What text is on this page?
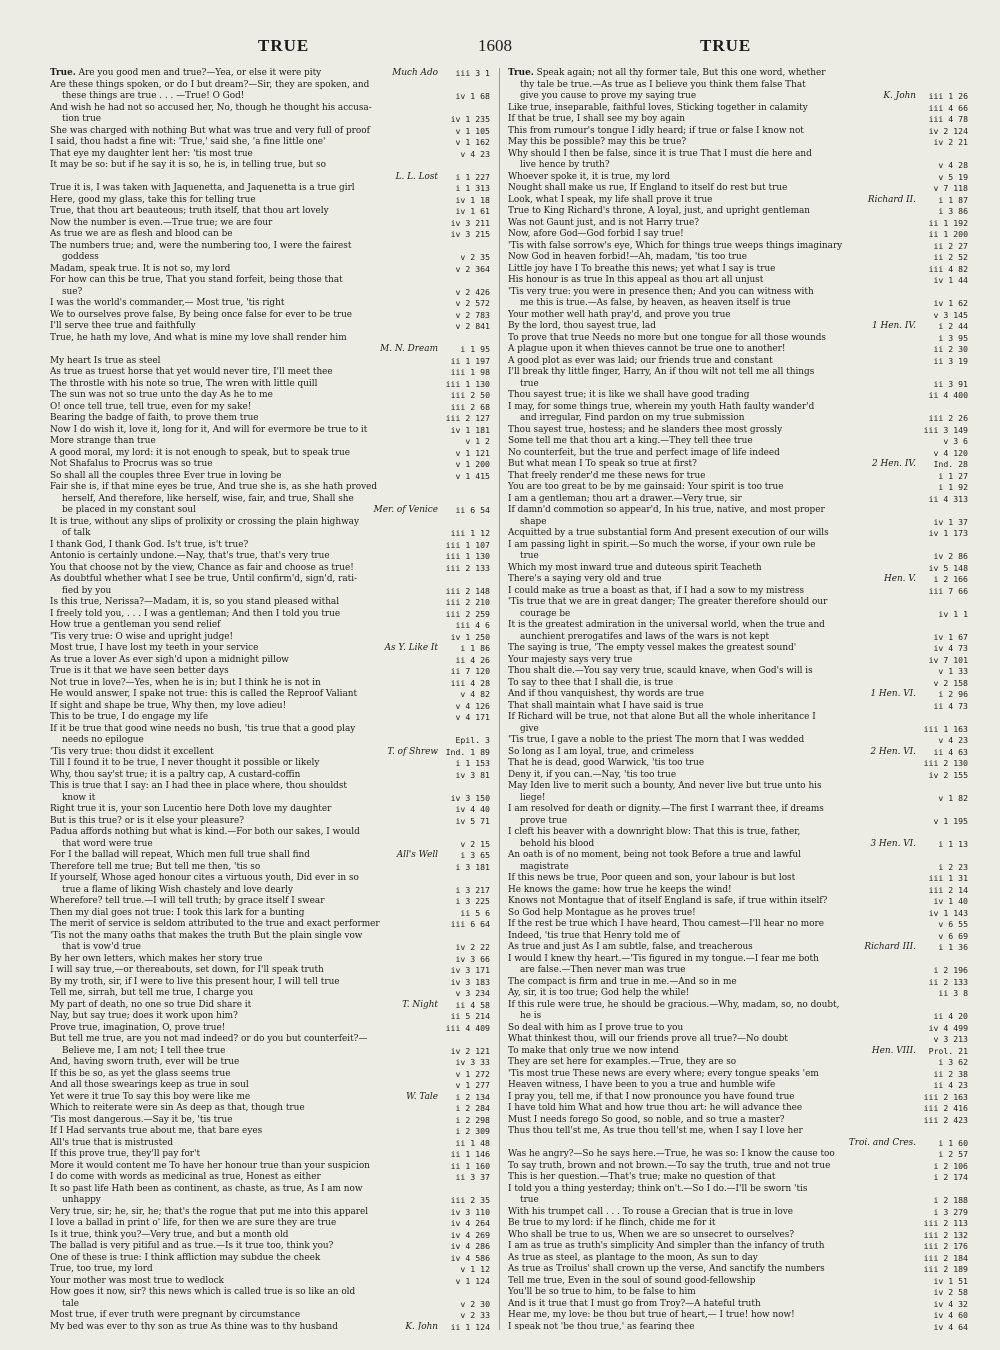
TRUE	1608	TRUE
True. Are you good men and true?—Yea, or else it were pity	Much Ado	iii 3 1
Are these things spoken, or do I but dream?—Sir, they are spoken, and
these things are true . . . —True! O God!	iv 1 68
And wish he had not so accused her, No, though he thought his accusa-
tion true	iv 1 235
She was charged with nothing But what was true and very full of proof	v 1 105
I said, thou hadst a fine wit: 'True,' said she, 'a fine little one'	v 1 162
That eye my daughter lent her: 'tis most true	v 4 23
It may be so: but if he say it is so, he is, in telling true, but so
L. L. Lost	i 1 227
True it is, I was taken with Jaquenetta, and Jaquenetta is a true girl	i 1 313
Here, good my glass, take this for telling true	iv 1 18
True, that thou art beauteous; truth itself, that thou art lovely	iv 1 61
Now the number is even.—True true; we are four	iv 3 211
As true we are as flesh and blood can be	iv 3 215
The numbers true; and, were the numbering too, I were the fairest
goddess	v 2 35
Madam, speak true. It is not so, my lord	v 2 364
For how can this be true, That you stand forfeit, being those that
sue?	v 2 426
I was the world's commander,— Most true, 'tis right	v 2 572
We to ourselves prove false, By being once false for ever to be true	v 2 783
I'll serve thee true and faithfully	v 2 841
True, he hath my love, And what is mine my love shall render him
M. N. Dream	i 1 95
My heart Is true as steel	ii 1 197
As true as truest horse that yet would never tire, I'll meet thee	iii 1 98
The throstle with his note so true, The wren with little quill	iii 1 130
The sun was not so true unto the day As he to me	iii 2 50
O! once tell true, tell true, even for my sake!	iii 2 68
Bearing the badge of faith, to prove them true	iii 2 127
Now I do wish it, love it, long for it, And will for evermore be true to it	iv 1 181
More strange than true	v 1 2
A good moral, my lord: it is not enough to speak, but to speak true	v 1 121
Not Shafalus to Procrus was so true	v 1 200
So shall all the couples three Ever true in loving be	v 1 415
Fair she is, if that mine eyes be true, And true she is, as she hath proved
herself, And therefore, like herself, wise, fair, and true, Shall she
be placed in my constant soul	Mer. of Venice	ii 6 54
It is true, without any slips of prolixity or crossing the plain highway
of talk	iii 1 12
I thank God, I thank God. Is't true, is't true?	iii 1 107
Antonio is certainly undone.—Nay, that's true, that's very true	iii 1 130
You that choose not by the view, Chance as fair and choose as true!	iii 2 133
As doubtful whether what I see be true, Until confirm'd, sign'd, rati-
fied by you	iii 2 148
Is this true, Nerissa?—Madam, it is, so you stand pleased withal	iii 2 210
I freely told you, . . . I was a gentleman; And then I told you true	iii 2 259
How true a gentleman you send relief	iii 4 6
'Tis very true: O wise and upright judge!	iv 1 250
Most true, I have lost my teeth in your service	As Y. Like It	i 1 86
As true a lover As ever sigh'd upon a midnight pillow	ii 4 26
True is it that we have seen better days	ii 7 120
Not true in love?—Yes, when he is in; but I think he is not in	iii 4 28
He would answer, I spake not true: this is called the Reproof Valiant	v 4 82
If sight and shape be true, Why then, my love adieu!	v 4 126
This to be true, I do engage my life	v 4 171
If it be true that good wine needs no bush, 'tis true that a good play
needs no epilogue	Epil. 3
'Tis very true: thou didst it excellent	T. of Shrew Ind. 1 89
Till I found it to be true, I never thought it possible or likely	i 1 153
Why, thou say'st true; it is a paltry cap, A custard-coffin	iv 3 81
This is true that I say: an I had thee in place where, thou shouldst
know it	iv 3 150
Right true it is, your son Lucentio here Doth love my daughter	iv 4 40
But is this true? or is it else your pleasure?	iv 5 71
Padua affords nothing but what is kind.—For both our sakes, I would
that word were true	v 2 15
For I the ballad will repeat, Which men full true shall find	All's Well	i 3 65
Therefore tell me true; But tell me then, 'tis so	i 3 181
If yourself, Whose aged honour cites a virtuous youth, Did ever in so
true a flame of liking Wish chastely and love dearly	i 3 217
Wherefore? tell true.—I will tell truth; by grace itself I swear	i 3 225
Then my dial goes not true: I took this lark for a bunting	ii 5 6
The merit of service is seldom attributed to the true and exact performer	iii 6 64
'Tis not the many oaths that makes the truth But the plain single vow
that is vow'd true	iv 2 22
By her own letters, which makes her story true	iv 3 66
I will say true,—or thereabouts, set down, for I'll speak truth	iv 3 171
By my troth, sir, if I were to live this present hour, I will tell true	iv 3 183
Tell me, sirrah, but tell me true, I charge you	v 3 234
My part of death, no one so true Did share it	T. Night	ii 4 58
Nay, but say true; does it work upon him?	ii 5 214
Prove true, imagination, O, prove true!	iii 4 409
But tell me true, are you not mad indeed? or do you but counterfeit?—
Believe me, I am not; I tell thee true	iv 2 121
And, having sworn truth, ever will be true	iv 3 33
If this be so, as yet the glass seems true	v 1 272
And all those swearings keep as true in soul	v 1 277
Yet were it true To say this boy were like me	W. Tale	i 2 134
Which to reiterate were sin As deep as that, though true	i 2 284
'Tis most dangerous.—Say it be, 'tis true	i 2 298
If I Had servants true about me, that bare eyes	i 2 309
All's true that is mistrusted	ii 1 48
If this prove true, they'll pay for't	ii 1 146
More it would content me To have her honour true than your suspicion	ii 1 160
I do come with words as medicinal as true, Honest as either	ii 3 37
It so past life Hath been as continent, as chaste, as true, As I am now
unhappy	iii 2 35
Very true, sir; he, sir, he; that's the rogue that put me into this apparel	iv 3 110
I love a ballad in print o' life, for then we are sure they are true	iv 4 264
Is it true, think you?—Very true, and but a month old	iv 4 269
The ballad is very pitiful and as true.—Is it true too, think you?	iv 4 286
One of these is true: I think affliction may subdue the cheek	iv 4 586
True, too true, my lord	v 1 12
Your mother was most true to wedlock	v 1 124
How goes it now, sir? this news which is called true is so like an old
tale	v 2 30
Most true, if ever truth were pregnant by circumstance	v 2 33
My bed was ever to thy son as true As thine was to thy husband	K. John	ii 1 124
True. Speak again; not all thy former tale, But this one word, whether
thy tale be true.—As true as I believe you think them false That
give you cause to prove my saying true	K. John	iii 1 26
Like true, inseparable, faithful loves, Sticking together in calamity	iii 4 66
If that be true, I shall see my boy again	iii 4 78
This from rumour's tongue I idly heard; if true or false I know not	iv 2 124
May this be possible? may this be true?	iv 2 21
Why should I then be false, since it is true That I must die here and
live hence by truth?	v 4 28
Whoever spoke it, it is true, my lord	v 5 19
Nought shall make us rue, If England to itself do rest but true	v 7 118
Look, what I speak, my life shall prove it true	Richard II.	i 1 87
True to King Richard's throne, A loyal, just, and upright gentleman	i 3 86
Was not Gaunt just, and is not Harry true?	ii 1 192
Now, afore God—God forbid I say true!	ii 1 200
'Tis with false sorrow's eye, Which for things true weeps things imaginary	ii 2 27
Now God in heaven forbid!—Ah, madam, 'tis too true	ii 2 52
Little joy have I To breathe this news; yet what I say is true	iii 4 82
His honour is as true In this appeal as thou art all unjust	iv 1 44
'Tis very true: you were in presence then; And you can witness with
me this is true.—As false, by heaven, as heaven itself is true	iv 1 62
Your mother well hath pray'd, and prove you true	v 3 145
By the lord, thou sayest true, lad	1 Hen. IV.	i 2 44
To prove that true Needs no more but one tongue for all those wounds	i 3 95
A plague upon it when thieves cannot be true one to another!	ii 2 30
A good plot as ever was laid; our friends true and constant	ii 3 19
I'll break thy little finger, Harry, An if thou wilt not tell me all things
true	ii 3 91
Thou sayest true; it is like we shall have good trading	ii 4 400
I may, for some things true, wherein my youth Hath faulty wander'd
and irregular, Find pardon on my true submission	iii 2 26
Thou sayest true, hostess; and he slanders thee most grossly	iii 3 149
Some tell me that thou art a king.—They tell thee true	v 3 6
No counterfeit, but the true and perfect image of life indeed	v 4 120
But what mean I To speak so true at first?	2 Hen. IV.	Ind. 28
That freely render'd me these news for true	i 1 27
You are too great to be by me gainsaid: Your spirit is too true	i 1 92
I am a gentleman; thou art a drawer.—Very true, sir	ii 4 313
If damn'd commotion so appear'd, In his true, native, and most proper
shape	iv 1 37
Acquitted by a true substantial form And present execution of our wills	iv 1 173
I am passing light in spirit.—So much the worse, if your own rule be
true	iv 2 86
Which my most inward true and duteous spirit Teacheth	iv 5 148
There's a saying very old and true	Hen. V.	i 2 166
I could make as true a boast as that, if I had a sow to my mistress	iii 7 66
'Tis true that we are in great danger; The greater therefore should our
courage be	iv 1 1
It is the greatest admiration in the universal world, when the true and
aunchient prerogatifes and laws of the wars is not kept	iv 1 67
The saying is true, 'The empty vessel makes the greatest sound'	iv 4 73
Your majesty says very true	iv 7 101
Thou shalt die.—You say very true, scauld knave, when God's will is	v 1 33
To say to thee that I shall die, is true	v 2 158
And if thou vanquishest, thy words are true	1 Hen. VI.	i 2 96
That shall maintain what I have said is true	ii 4 73
If Richard will be true, not that alone But all the whole inheritance I
give	iii 1 163
'Tis true, I gave a noble to the priest The morn that I was wedded	v 4 23
So long as I am loyal, true, and crimeless	2 Hen. VI.	ii 4 63
That he is dead, good Warwick, 'tis too true	iii 2 130
Deny it, if you can.—Nay, 'tis too true	iv 2 155
May Iden live to merit such a bounty, And never live but true unto his
liege!	v 1 82
I am resolved for death or dignity.—The first I warrant thee, if dreams
prove true	v 1 195
I cleft his beaver with a downright blow: That this is true, father,
behold his blood	3 Hen. VI.	i 1 13
An oath is of no moment, being not took Before a true and lawful
magistrate	i 2 23
If this news be true, Poor queen and son, your labour is but lost	iii 1 31
He knows the game: how true he keeps the wind!	iii 2 14
Knows not Montague that of itself England is safe, if true within itself?	iv 1 40
So God help Montague as he proves true!	iv 1 143
If the rest be true which I have heard, Thou camest—I'll hear no more	v 6 55
Indeed, 'tis true that Henry told me of	v 6 69
As true and just As I am subtle, false, and treacherous	Richard III.	i 1 36
I would I knew thy heart.—'Tis figured in my tongue.—I fear me both
are false.—Then never man was true	i 2 196
The compact is firm and true in me.—And so in me	ii 2 133
Ay, sir, it is too true; God help the while!	ii 3 8
If this rule were true, he should be gracious.—Why, madam, so, no doubt,
he is	ii 4 20
So deal with him as I prove true to you	iv 4 499
What thinkest thou, will our friends prove all true?—No doubt	v 3 213
To make that only true we now intend	Hen. VIII.	Prol. 21
They are set here for examples.—True, they are so	i 3 62
'Tis most true These news are every where; every tongue speaks 'em	ii 2 38
Heaven witness, I have been to you a true and humble wife	ii 4 23
I pray you, tell me, if that I now pronounce you have found true	iii 2 163
I have told him What and how true thou art: he will advance thee	iii 2 416
Must I needs forego So good, so noble, and so true a master?	iii 2 423
Thus thou tell'st me, As true thou tell'st me, when I say I love her
Troi. and Cres.	i 1 60
Was he angry?—So he says here.—True, he was so: I know the cause too	i 2 57
To say truth, brown and not brown.—To say the truth, true and not true	i 2 106
This is her question.—That's true; make no question of that	i 2 174
I told you a thing yesterday; think on't.—So I do.—I'll be sworn 'tis
true	i 2 188
With his trumpet call . . . To rouse a Grecian that is true in love	i 3 279
Be true to my lord: if he flinch, chide me for it	iii 2 113
Who shall be true to us, When we are so unsecret to ourselves?	iii 2 132
I am as true as truth's simplicity And simpler than the infancy of truth	iii 2 176
As true as steel, as plantage to the moon, As sun to day	iii 2 184
As true as Troilus' shall crown up the verse, And sanctify the numbers	iii 2 189
Tell me true, Even in the soul of sound good-fellowship	iv 1 51
You'll be so true to him, to be false to him	iv 2 58
And is it true that I must go from Troy?—A hateful truth	iv 4 32
Hear me, my love: be thou but true of heart,— I true! how now!	iv 4 60
I speak not 'be thou true,' as fearing thee	iv 4 64
